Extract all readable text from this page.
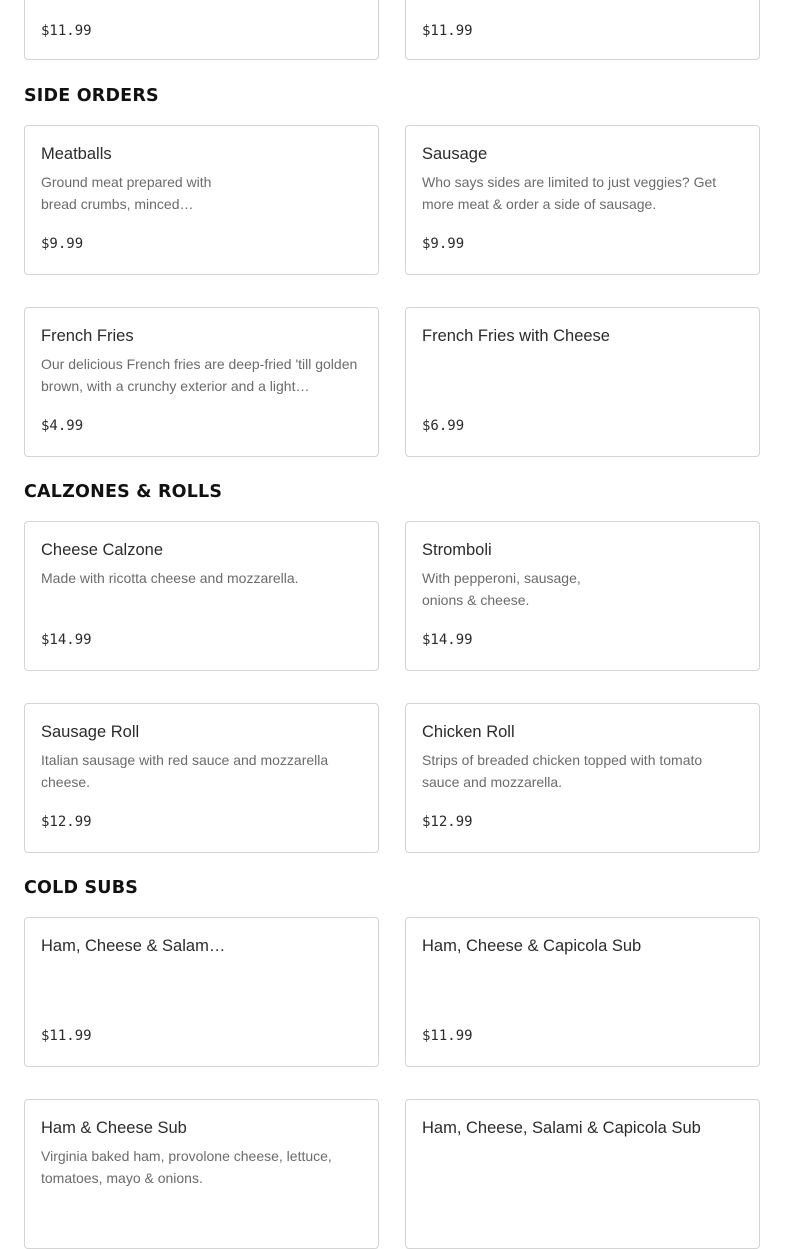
$11.99	$11.99
SIDE ORDERS
Meatballs
Ground meat prepared with bread crumbs, minced…
$9.99
Sausage
Who says sides are limited to just veggies? Get more meat & order a side of sausage.
$9.99
French Fries
Our delicious French fries are deep-fried 'till golden brown, with a crunchy exterior and a light…
$4.99
French Fries with Cheese
$6.99
CALZONES & ROLLS
Cheese Calzone
Made with ricotta cheese and mozzarella.
$14.99
Stromboli
With pepperoni, sausage, onions & cheese.
$14.99
Sausage Roll
Italian sausage with red sauce and mozzarella cheese.
$12.99
Chicken Roll
Strips of breaded chicken topped with tomato sauce and mozzarella.
$12.99
COLD SUBS
Ham, Cheese & Salam…
$11.99
Ham, Cheese & Capicola Sub
$11.99
Ham & Cheese Sub
Virginia baked ham, provolone cheese, lettuce, tomatoes, mayo & onions.
Ham, Cheese, Salami & Capicola Sub
